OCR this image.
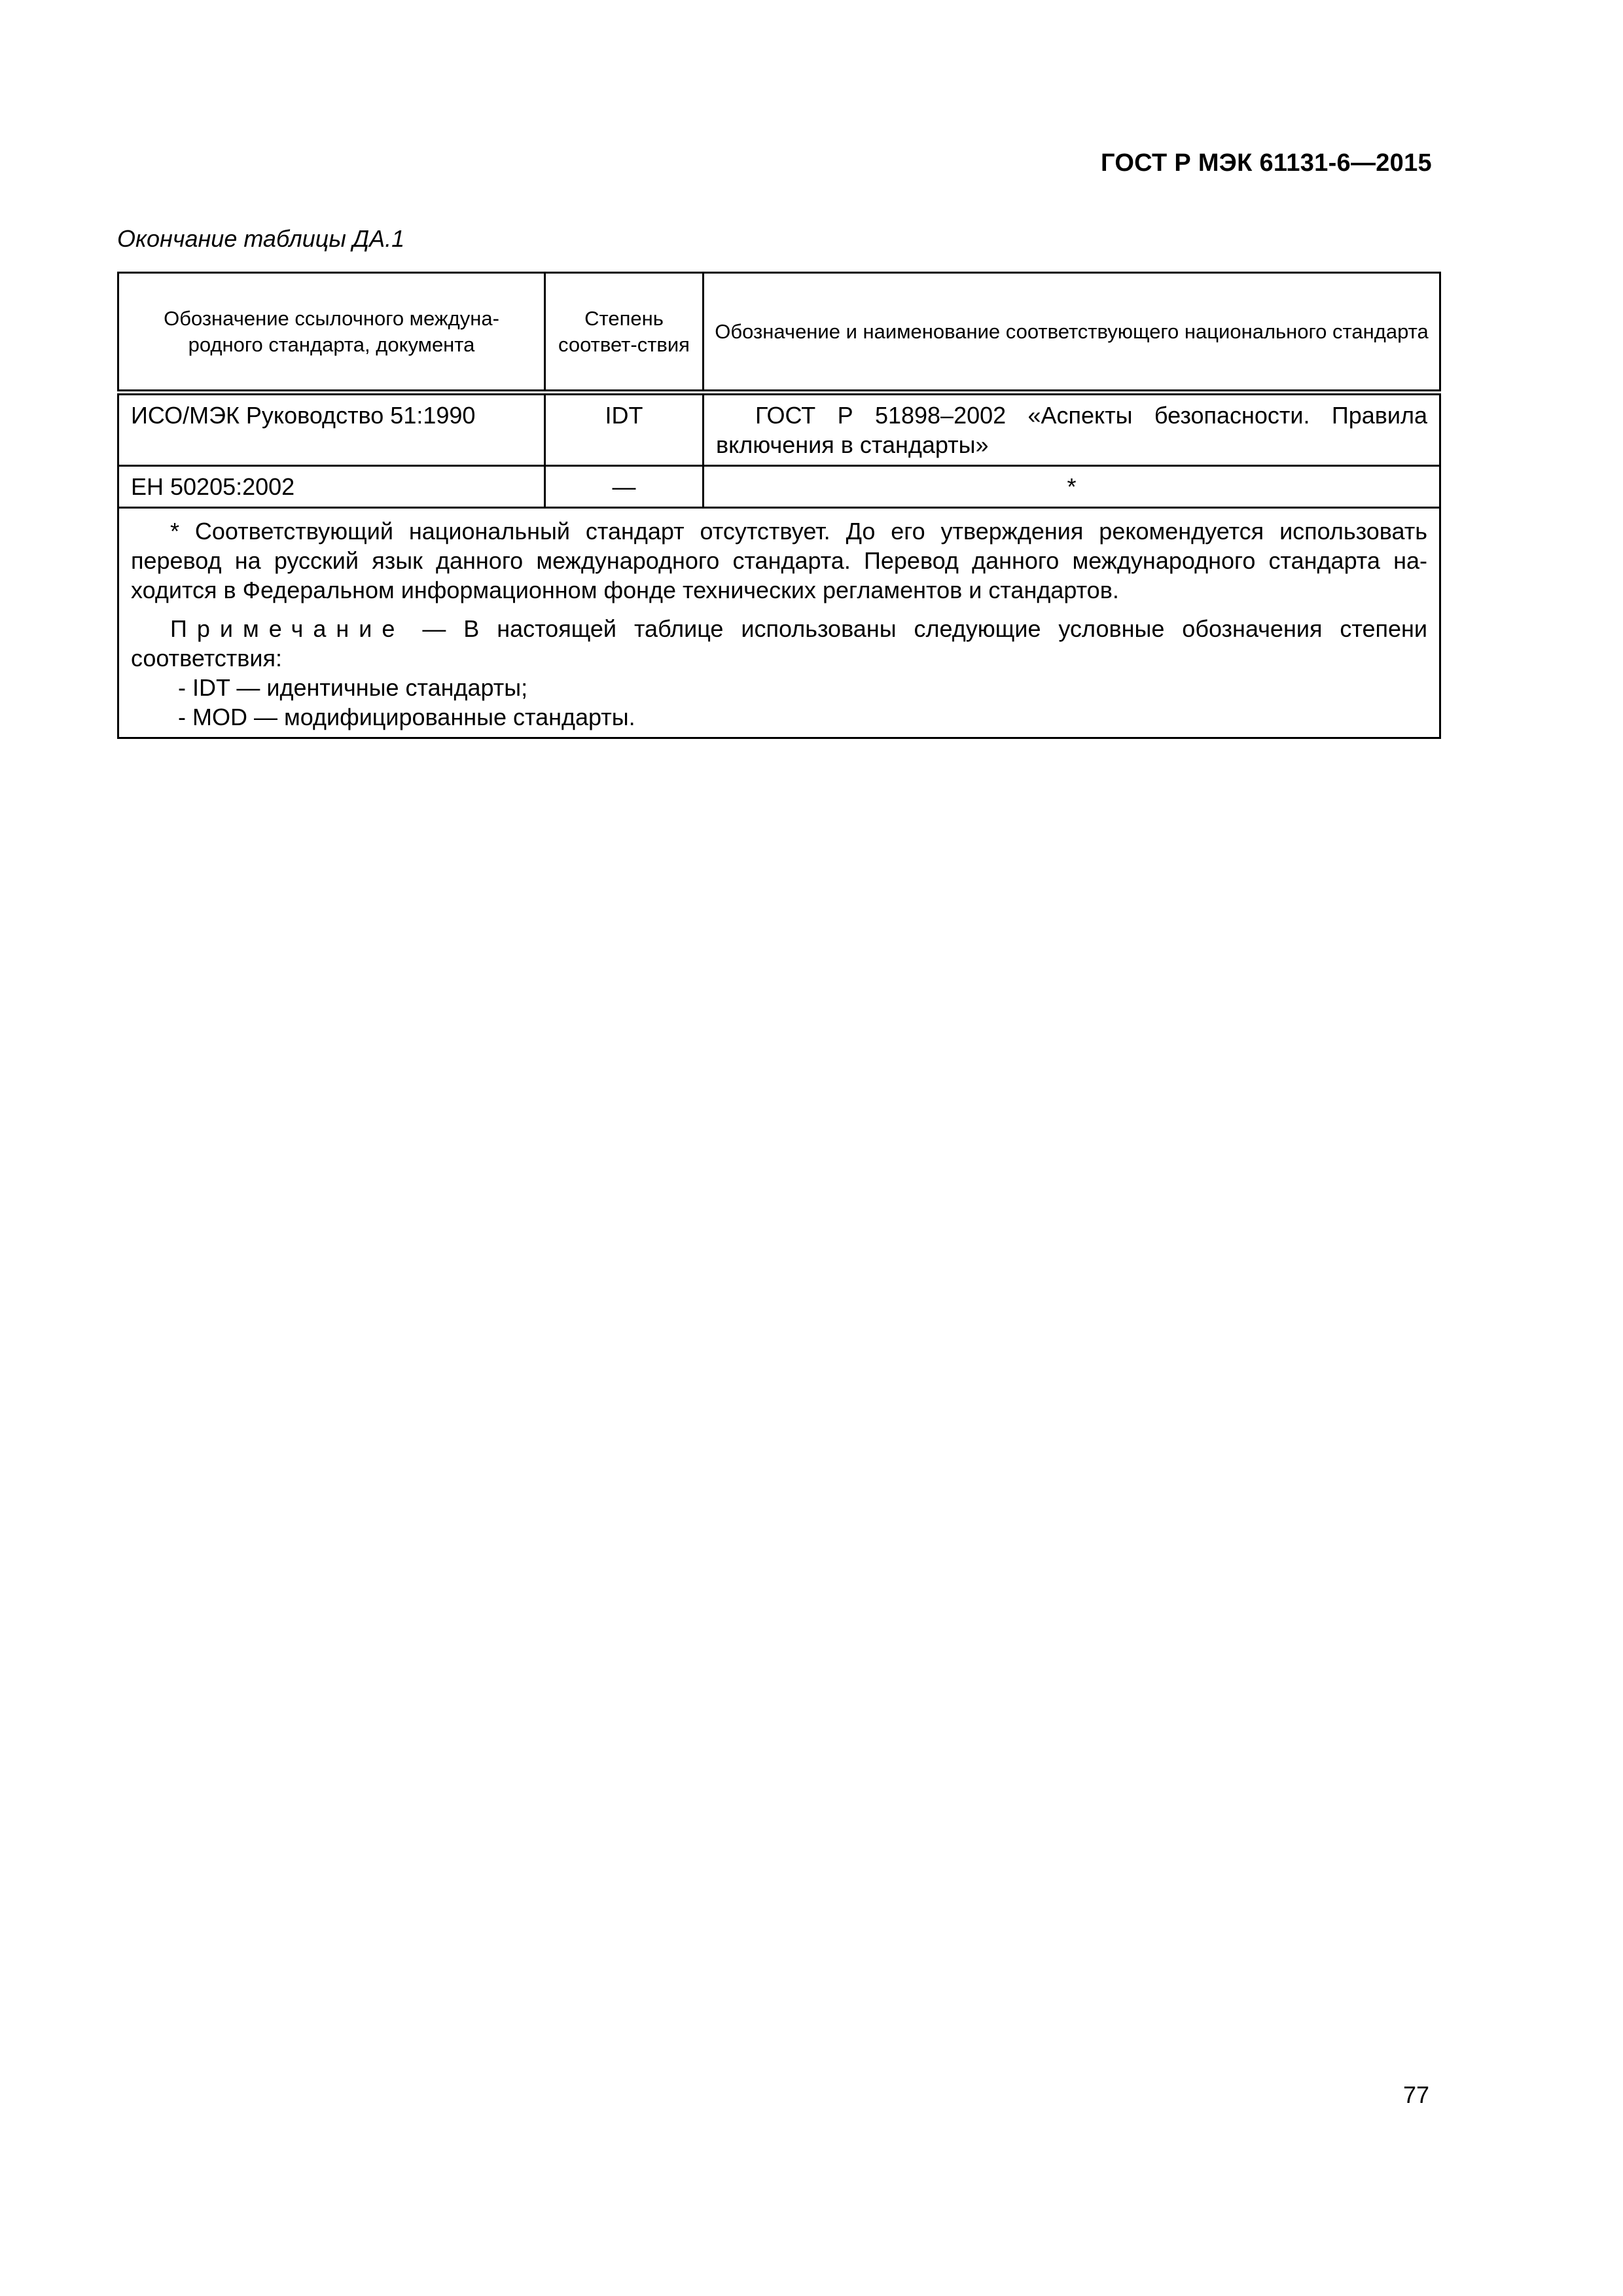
ГОСТ Р МЭК 61131-6—2015
Окончание таблицы ДА.1
Обозначение ссылочного междуна-родного стандарта, документа	Степень соответ-ствия	Обозначение и наименование соответствующего национального стандарта
ИСО/МЭК Руководство 51:1990	IDT	ГОСТ Р 51898–2002 «Аспекты безопасности. Правила включения в стандарты»
ЕН 50205:2002	—	*

* Соответствующий национальный стандарт отсутствует. До его утверждения рекомендуется использовать перевод на русский язык данного международного стандарта. Перевод данного международного стандарта на-ходится в Федеральном информационном фонде технических регламентов и стандартов.

Примечание — В настоящей таблице использованы следующие условные обозначения степени соответствия:

- IDT — идентичные стандарты;

- MOD — модифицированные стандарты.		

77
